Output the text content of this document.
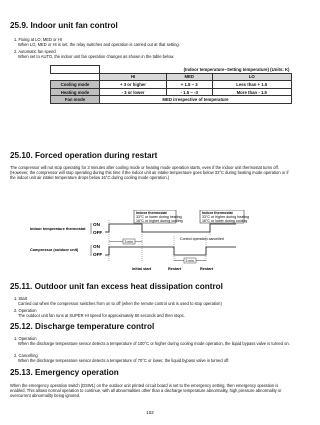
25.9. Indoor unit fan control
1. Fixing at LO, MED or HI
When LO, MED or HI is set, the relay switches and operation is carried out at that setting.
2. Automatic fan speed
When set to AUTO, the indoor unit fan operation changes as shown in the table below.
	(Indoor temperature−Setting temperature) (Units: K)		
	HI	MED	LO
Cooling mode	+ 3 or higher	+ 1.5 ~ 3	Less than + 1.5
Heating mode	- 3 or lower	- 1.5 ~ -3	More than - 1.5
Fan mode	MED irrespective of temperature		
25.10. Forced operation during restart
The compressor will not stop operating for 3 minutes after cooling mode or heating mode operation starts, even if the indoor unit thermostat turns off. (However, the compressor will stop operating during this time if the indoor unit air intake temperature goes below 33°C during heating mode operation or if the indoor unit air intake temperature drops below 16°C during cooling mode operation.)
Indoor temperature thermostat
Compressor (outdoor unit)
ON
OFF
ON
OFF
Indoor thermostat 33°C or lower during heating 16°C or higher during cooling
Indoor thermostat 33°C or higher during heating 16°C or lower during cooling
Control operation cancelled
3 min.
3 min.
Initial start	Restart	Restart
25.11. Outdoor unit fan excess heat dissipation control
1. Start
Carried out when the compressor switches from on to off (when the remote control unit is used to stop operation)
2. Operation
The outdoor unit fan runs at SUPER HI speed for approximately 60 seconds and then stops.
25.12. Discharge temperature control
1. Operation
When the discharge temperature sensor detects a temperature of 100°C or higher during cooling mode operation, the liquid bypass valve is turned on.
2. Cancelling
When the discharge temperature sensor detects a temperature of 70°C or lower, the liquid bypass valve is turned off.
25.13. Emergency operation
When the emergency operation switch (DSW1) on the outdoor unit printed circuit board is set to the emergency setting, then emergency operation is enabled. This allows normal operation to continue, with all abnormalities other than a discharge temperature abnormality, high pressure abnormality or overcurrent abnormality being ignored.
102
